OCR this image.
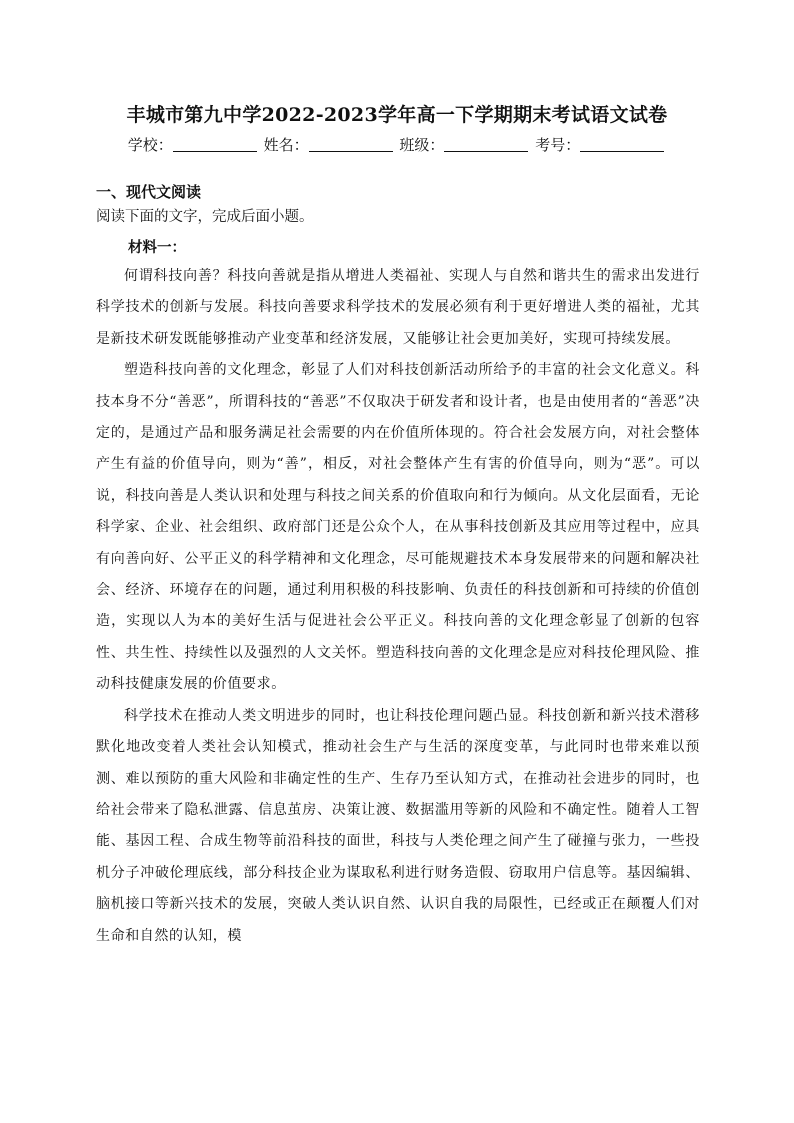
丰城市第九中学2022-2023学年高一下学期期末考试语文试卷
学校：	姓名：	班级：	考号：
一、现代文阅读
阅读下面的文字，完成后面小题。
材料一：

何谓科技向善？科技向善就是指从增进人类福祉、实现人与自然和谐共生的需求出发进行科学技术的创新与发展。科技向善要求科学技术的发展必须有利于更好增进人类的福祉，尤其是新技术研发既能够推动产业变革和经济发展，又能够让社会更加美好，实现可持续发展。

塑造科技向善的文化理念，彰显了人们对科技创新活动所给予的丰富的社会文化意义。科技本身不分“善恶”，所谓科技的“善恶”不仅取决于研发者和设计者，也是由使用者的“善恶”决定的，是通过产品和服务满足社会需要的内在价值所体现的。符合社会发展方向，对社会整体产生有益的价值导向，则为“善”，相反，对社会整体产生有害的价值导向，则为“恶”。可以说，科技向善是人类认识和处理与科技之间关系的价值取向和行为倾向。从文化层面看，无论科学家、企业、社会组织、政府部门还是公众个人，在从事科技创新及其应用等过程中，应具有向善向好、公平正义的科学精神和文化理念，尽可能规避技术本身发展带来的问题和解决社会、经济、环境存在的问题，通过利用积极的科技影响、负责任的科技创新和可持续的价值创造，实现以人为本的美好生活与促进社会公平正义。科技向善的文化理念彰显了创新的包容性、共生性、持续性以及强烈的人文关怀。塑造科技向善的文化理念是应对科技伦理风险、推动科技健康发展的价值要求。

科学技术在推动人类文明进步的同时，也让科技伦理问题凸显。科技创新和新兴技术潜移默化地改变着人类社会认知模式，推动社会生产与生活的深度变革，与此同时也带来难以预测、难以预防的重大风险和非确定性的生产、生存乃至认知方式，在推动社会进步的同时，也给社会带来了隐私泄露、信息茧房、决策让渡、数据滥用等新的风险和不确定性。随着人工智能、基因工程、合成生物等前沿科技的面世，科技与人类伦理之间产生了碰撞与张力，一些投机分子冲破伦理底线，部分科技企业为谋取私利进行财务造假、窃取用户信息等。基因编辑、脑机接口等新兴技术的发展，突破人类认识自然、认识自我的局限性，已经或正在颠覆人们对生命和自然的认知，模
